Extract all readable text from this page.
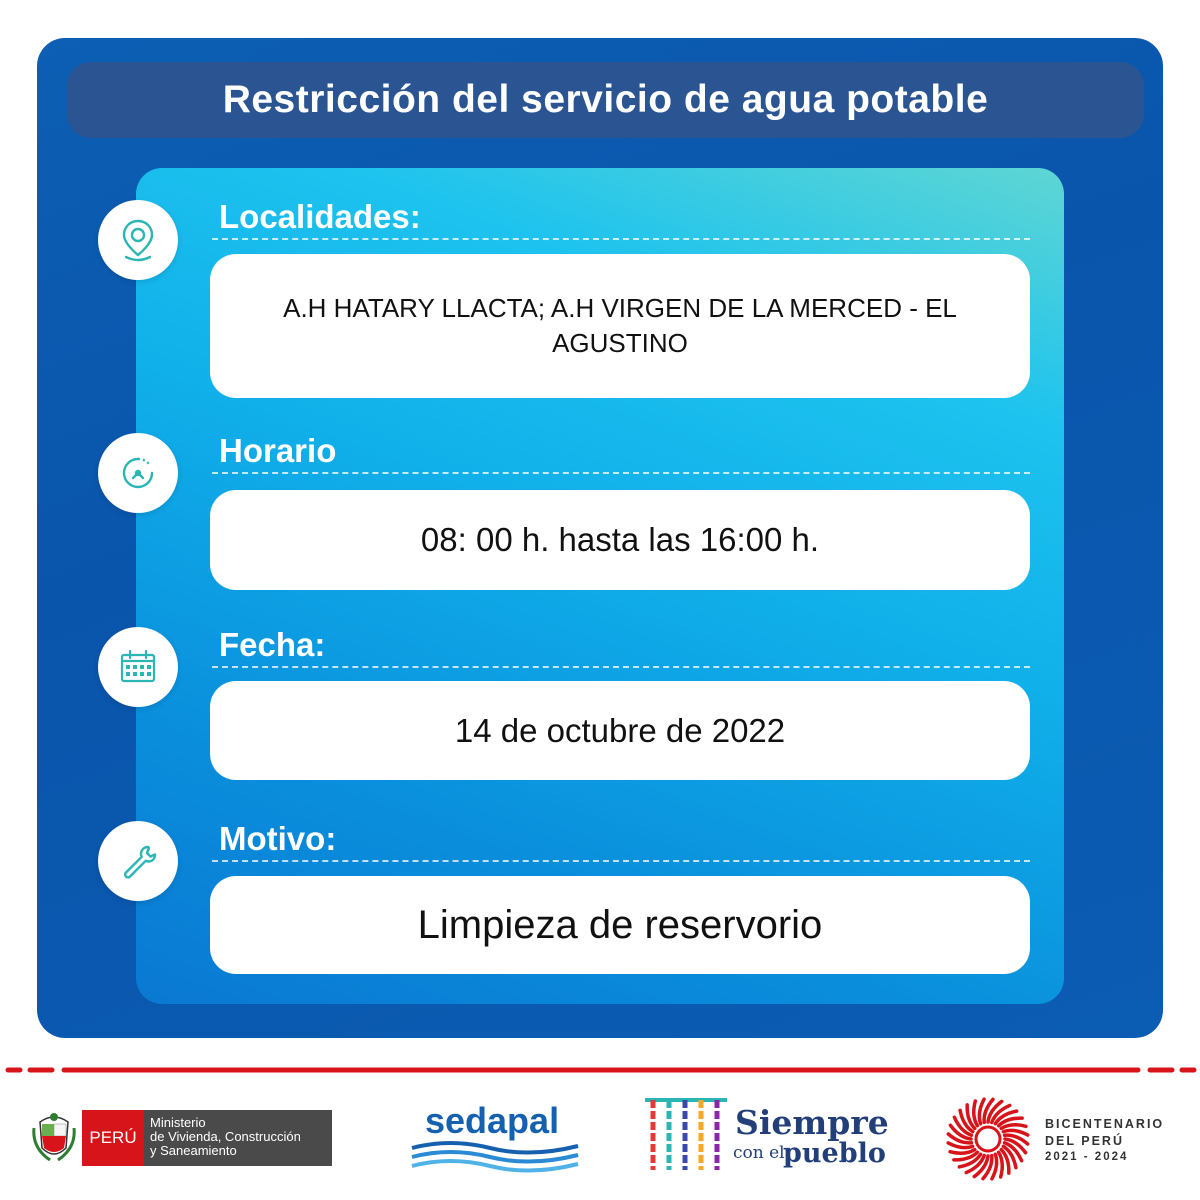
Restricción del servicio de agua potable
Localidades:
A.H HATARY LLACTA; A.H VIRGEN DE LA MERCED - EL
AGUSTINO
Horario
08: 00 h. hasta las 16:00 h.
Fecha:
14 de octubre de 2022
Motivo:
Limpieza de reservorio
PERÚ
Ministerio
de Vivienda, Construcción
y Saneamiento
sedapal	Siempre
con el
pueblo
BICENTENARIO
DEL PERÚ
2021 - 2024
